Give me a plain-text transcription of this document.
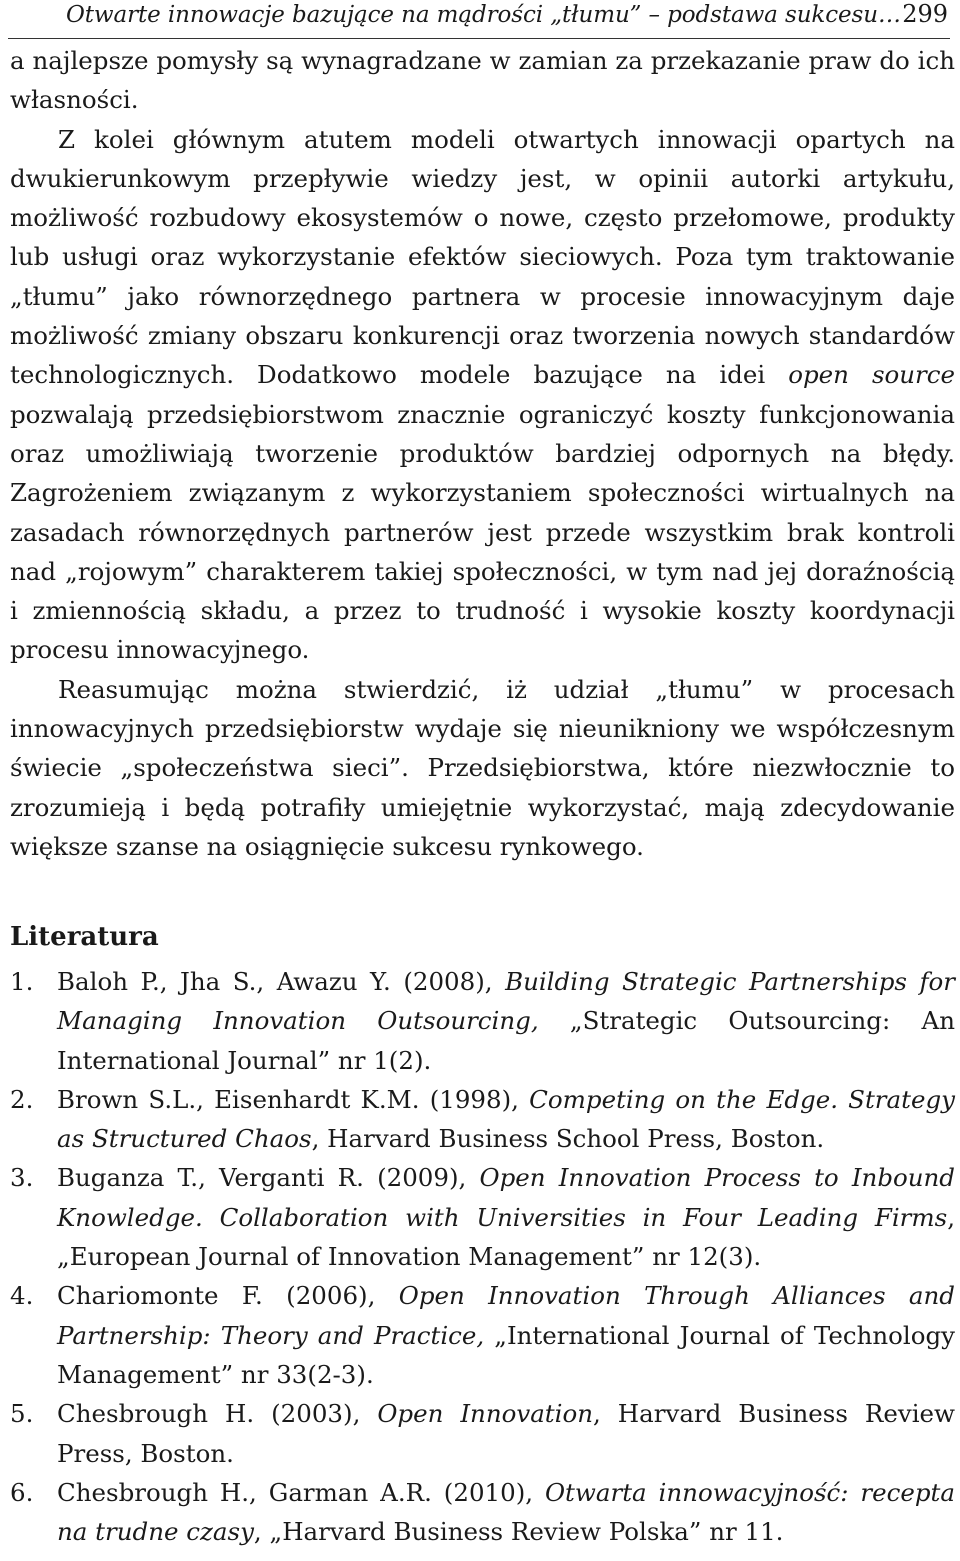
Otwarte innowacje bazujące na mądrości „tłumu” – podstawa sukcesu… 299

a najlepsze pomysły są wynagradzane w zamian za przekazanie praw do ich własności.

Z kolei głównym atutem modeli otwartych innowacji opartych na dwukierunkowym przepływie wiedzy jest, w opinii autorki artykułu, możliwość rozbudowy ekosystemów o nowe, często przełomowe, produkty lub usługi oraz wykorzystanie efektów sieciowych. Poza tym traktowanie „tłumu” jako równorzędnego partnera w procesie innowacyjnym daje możliwość zmiany obszaru konkurencji oraz tworzenia nowych standardów technologicznych. Dodatkowo modele bazujące na idei open source pozwalają przedsiębiorstwom znacznie ograniczyć koszty funkcjonowania oraz umożliwiają tworzenie produktów bardziej odpornych na błędy. Zagrożeniem związanym z wykorzystaniem społeczności wirtualnych na zasadach równorzędnych partnerów jest przede wszystkim brak kontroli nad „rojowym” charakterem takiej społeczności, w tym nad jej doraźnością i zmiennością składu, a przez to trudność i wysokie koszty koordynacji procesu innowacyjnego.

Reasumując można stwierdzić, iż udział „tłumu” w procesach innowacyjnych przedsiębiorstw wydaje się nieunikniony we współczesnym świecie „społeczeństwa sieci”. Przedsiębiorstwa, które niezwłocznie to zrozumieją i będą potrafiły umiejętnie wykorzystać, mają zdecydowanie większe szanse na osiągnięcie sukcesu rynkowego.

Literatura
1. Baloh P., Jha S., Awazu Y. (2008), Building Strategic Partnerships for Managing Innovation Outsourcing, „Strategic Outsourcing: An International Journal” nr 1(2).
2. Brown S.L., Eisenhardt K.M. (1998), Competing on the Edge. Strategy as Structured Chaos, Harvard Business School Press, Boston.
3. Buganza T., Verganti R. (2009), Open Innovation Process to Inbound Knowledge. Collaboration with Universities in Four Leading Firms, „European Journal of Innovation Management” nr 12(3).
4. Chariomonte F. (2006), Open Innovation Through Alliances and Partnership: Theory and Practice, „International Journal of Technology Management” nr 33(2-3).
5. Chesbrough H. (2003), Open Innovation, Harvard Business Review Press, Boston.
6. Chesbrough H., Garman A.R. (2010), Otwarta innowacyjność: recepta na trudne czasy, „Harvard Business Review Polska” nr 11.
